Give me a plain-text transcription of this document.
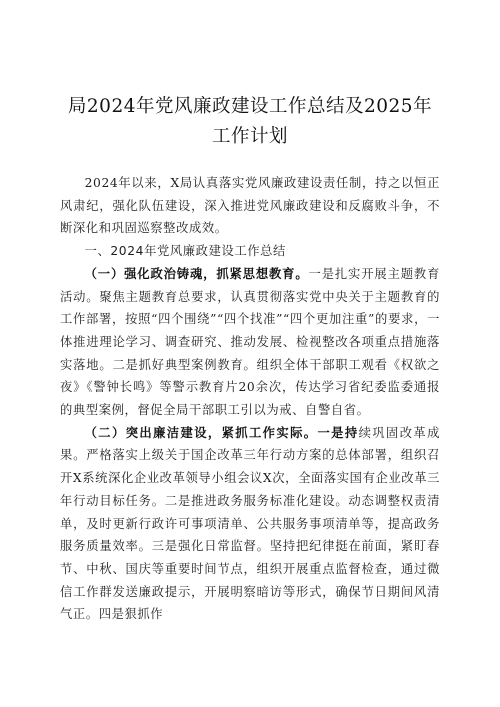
局2024年党风廉政建设工作总结及2025年工作计划

2024年以来，X局认真落实党风廉政建设责任制，持之以恒正风肃纪，强化队伍建设，深入推进党风廉政建设和反腐败斗争，不断深化和巩固巡察整改成效。

一、2024年党风廉政建设工作总结

（一）强化政治铸魂，抓紧思想教育。一是扎实开展主题教育活动。聚焦主题教育总要求，认真贯彻落实党中央关于主题教育的工作部署，按照“四个围绕”“四个找准”“四个更加注重”的要求，一体推进理论学习、调查研究、推动发展、检视整改各项重点措施落实落地。二是抓好典型案例教育。组织全体干部职工观看《权欲之夜》《警钟长鸣》等警示教育片20余次，传达学习省纪委监委通报的典型案例，督促全局干部职工引以为戒、自警自省。

（二）突出廉洁建设，紧抓工作实际。一是持续巩固改革成果。严格落实上级关于国企改革三年行动方案的总体部署，组织召开X系统深化企业改革领导小组会议X次，全面落实国有企业改革三年行动目标任务。二是推进政务服务标准化建设。动态调整权责清单，及时更新行政许可事项清单、公共服务事项清单等，提高政务服务质量效率。三是强化日常监督。坚持把纪律挺在前面，紧盯春节、中秋、国庆等重要时间节点，组织开展重点监督检查，通过微信工作群发送廉政提示，开展明察暗访等形式，确保节日期间风清气正。四是狠抓作
